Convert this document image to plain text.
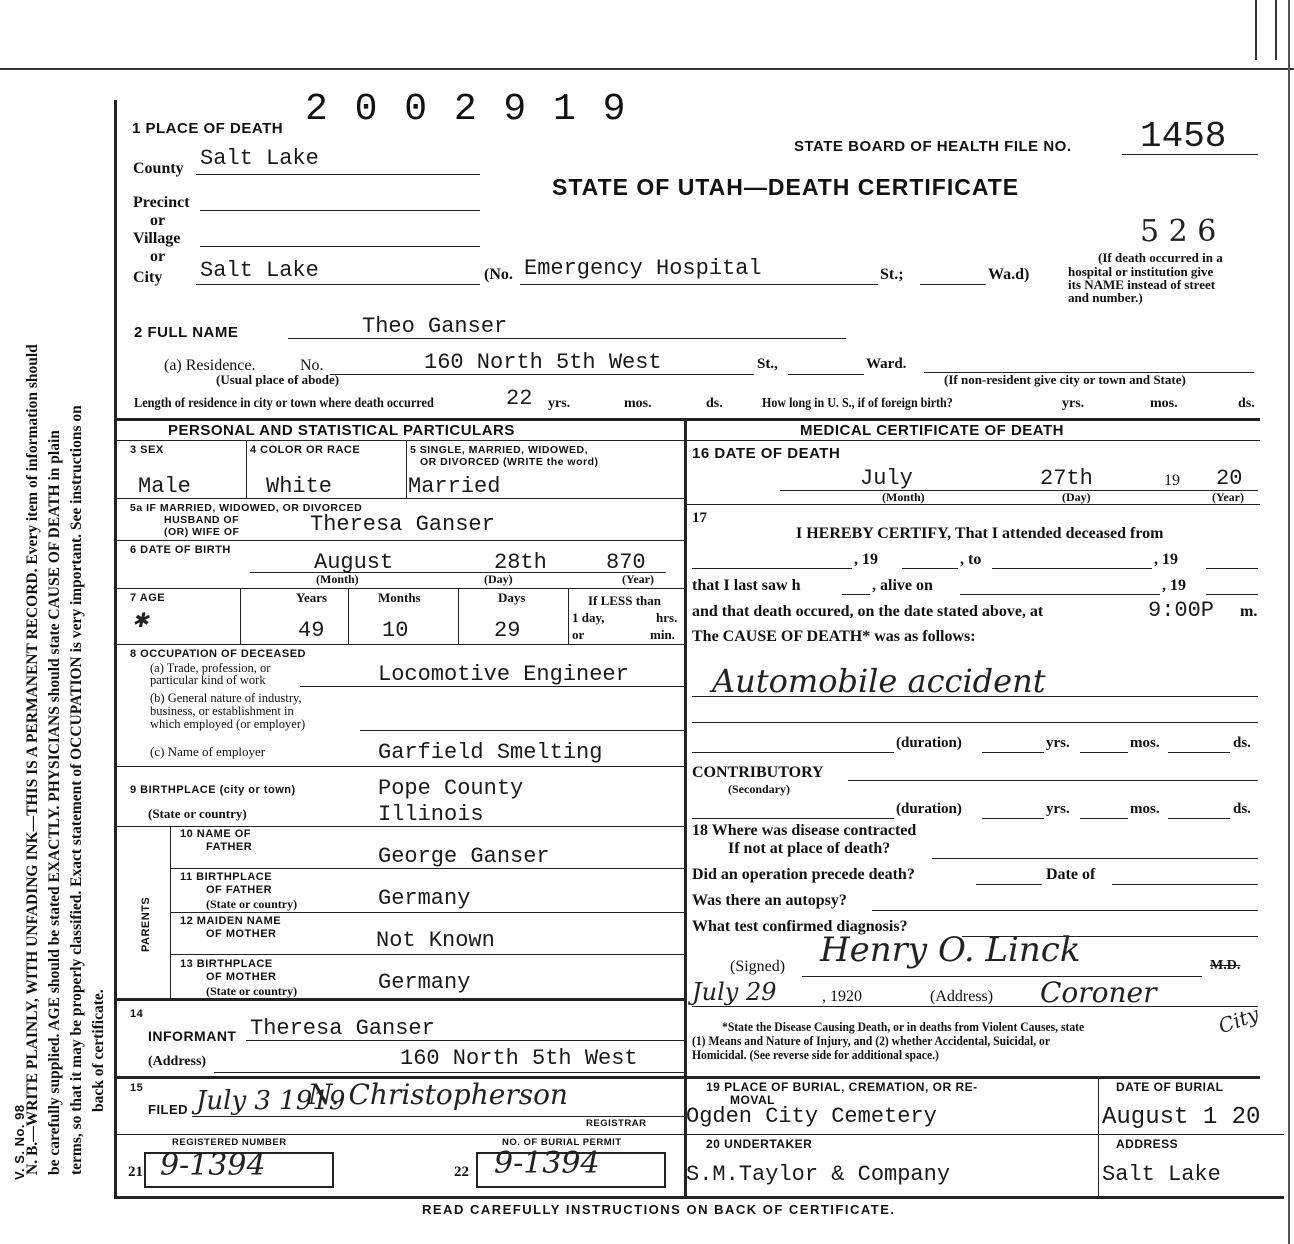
V. S. No. 98
N. B.—WRITE PLAINLY, WITH UNFADING INK—THIS IS A PERMANENT RECORD. Every item of information should be carefully supplied. AGE should be stated EXACTLY. PHYSICIANS should state CAUSE OF DEATH in plain terms, so that it may be properly classified. Exact statement of OCCUPATION is very important. See instructions on back of certificate.
2 0 0 2 9 1 9
1 PLACE OF DEATH
STATE BOARD OF HEALTH FILE NO. 1458
STATE OF UTAH—DEATH CERTIFICATE
5 2 6
County Salt Lake
Precinct
or
Village
or
City Salt Lake	(No. Emergency Hospital	St.;	Wa.d)
(If death occurred in a
hospital or institution give
its NAME instead of street
and number.)
2 FULL NAME	Theo Ganser
(a) Residence.	No.	160 North 5th West	St.,	Ward.
(Usual place of abode)	(If non-resident give city or town and State)
Length of residence in city or town where death occurred	22 yrs.	mos.	ds.	How long in U. S., if of foreign birth?	yrs.	mos.	ds.
PERSONAL AND STATISTICAL PARTICULARS	MEDICAL CERTIFICATE OF DEATH
3 SEX	4 COLOR OR RACE	5 SINGLE, MARRIED, WIDOWED,
OR DIVORCED (WRITE the word)
Male	White	Married
5a IF MARRIED, WIDOWED, OR DIVORCED
HUSBAND OF
(OR) WIFE OF	Theresa Ganser
6 DATE OF BIRTH	August	28th	870
(Month)	(Day)	(Year)
7 AGE
✱
Years
49
Months
10
Days
29
If LESS than
1 day,	hrs.
or	min.
8 OCCUPATION OF DECEASED
(a) Trade, profession, or
particular kind of work	Locomotive Engineer
(b) General nature of industry,
business, or establishment in
which employed (or employer)
(c) Name of employer	Garfield Smelting
9 BIRTHPLACE (city or town)	Pope County
(State or country)	Illinois
PARENTS
10 NAME OF
FATHER	George Ganser
11 BIRTHPLACE
OF FATHER
(State or country)	Germany
12 MAIDEN NAME
OF MOTHER	Not Known
13 BIRTHPLACE
OF MOTHER
(State or country)	Germany
14
INFORMANT Theresa Ganser
(Address)	160 North 5th West
15
FILED July 3 1919
N. Christopherson
REGISTRAR
REGISTERED NUMBER	NO. OF BURIAL PERMIT
21 9-1394	22 9-1394
16 DATE OF DEATH
July	27th	19 20
(Month)	(Day)	(Year)
17
I HEREBY CERTIFY, That I attended deceased from
, 19	, to	, 19
that I last saw h	, alive on	, 19
and that death occured, on the date stated above, at	9:00P m.
The CAUSE OF DEATH* was as follows:
Automobile accident
(duration)	yrs.	mos.	ds.
CONTRIBUTORY
(Secondary)
(duration)	yrs.	mos.	ds.
18 Where was disease contracted
If not at place of death?
Did an operation precede death?	Date of
Was there an autopsy?
What test confirmed diagnosis?
(Signed) Henry O. Linck	M.D.
July 29	, 1920	(Address) Coroner
City
*State the Disease Causing Death, or in deaths from Violent Causes, state
(1) Means and Nature of Injury, and (2) whether Accidental, Suicidal, or
Homicidal. (See reverse side for additional space.)
19 PLACE OF BURIAL, CREMATION, OR RE-
MOVAL
Ogden City Cemetery
DATE OF BURIAL
August 1 20
20 UNDERTAKER
S.M.Taylor & Company
ADDRESS
Salt Lake
READ CAREFULLY INSTRUCTIONS ON BACK OF CERTIFICATE.
